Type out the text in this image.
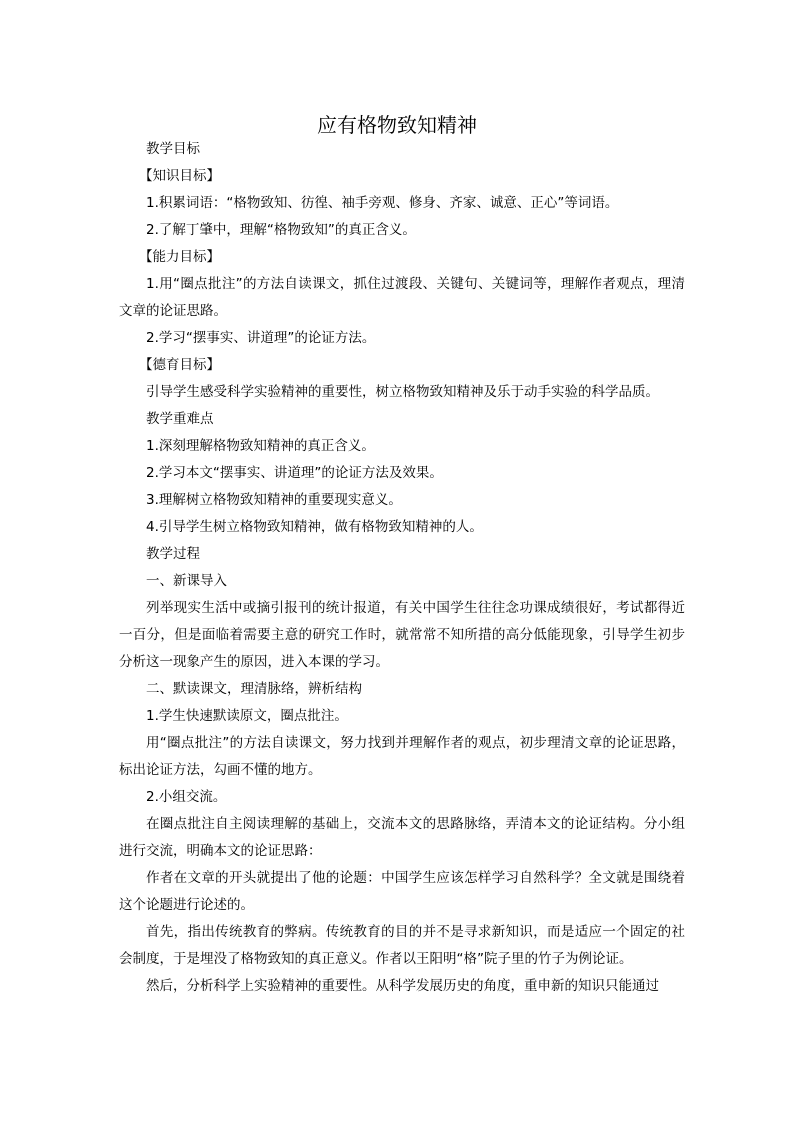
应有格物致知精神

教学目标

【知识目标】

1.积累词语：“格物致知、彷徨、袖手旁观、修身、齐家、诚意、正心”等词语。

2.了解丁肇中，理解“格物致知”的真正含义。

【能力目标】

1.用“圈点批注”的方法自读课文，抓住过渡段、关键句、关键词等，理解作者观点，理清文章的论证思路。

2.学习“摆事实、讲道理”的论证方法。

【德育目标】

引导学生感受科学实验精神的重要性，树立格物致知精神及乐于动手实验的科学品质。

教学重难点

1.深刻理解格物致知精神的真正含义。

2.学习本文“摆事实、讲道理”的论证方法及效果。

3.理解树立格物致知精神的重要现实意义。

4.引导学生树立格物致知精神，做有格物致知精神的人。

教学过程

一、新课导入

列举现实生活中或摘引报刊的统计报道，有关中国学生往往念功课成绩很好，考试都得近一百分，但是面临着需要主意的研究工作时，就常常不知所措的高分低能现象，引导学生初步分析这一现象产生的原因，进入本课的学习。

二、默读课文，理清脉络，辨析结构

1.学生快速默读原文，圈点批注。

用“圈点批注”的方法自读课文，努力找到并理解作者的观点，初步理清文章的论证思路，标出论证方法，勾画不懂的地方。

2.小组交流。

在圈点批注自主阅读理解的基础上，交流本文的思路脉络，弄清本文的论证结构。分小组进行交流，明确本文的论证思路：

作者在文章的开头就提出了他的论题：中国学生应该怎样学习自然科学？全文就是围绕着这个论题进行论述的。

首先，指出传统教育的弊病。传统教育的目的并不是寻求新知识，而是适应一个固定的社会制度，于是埋没了格物致知的真正意义。作者以王阳明“格”院子里的竹子为例论证。

然后，分析科学上实验精神的重要性。从科学发展历史的角度，重申新的知识只能通过
